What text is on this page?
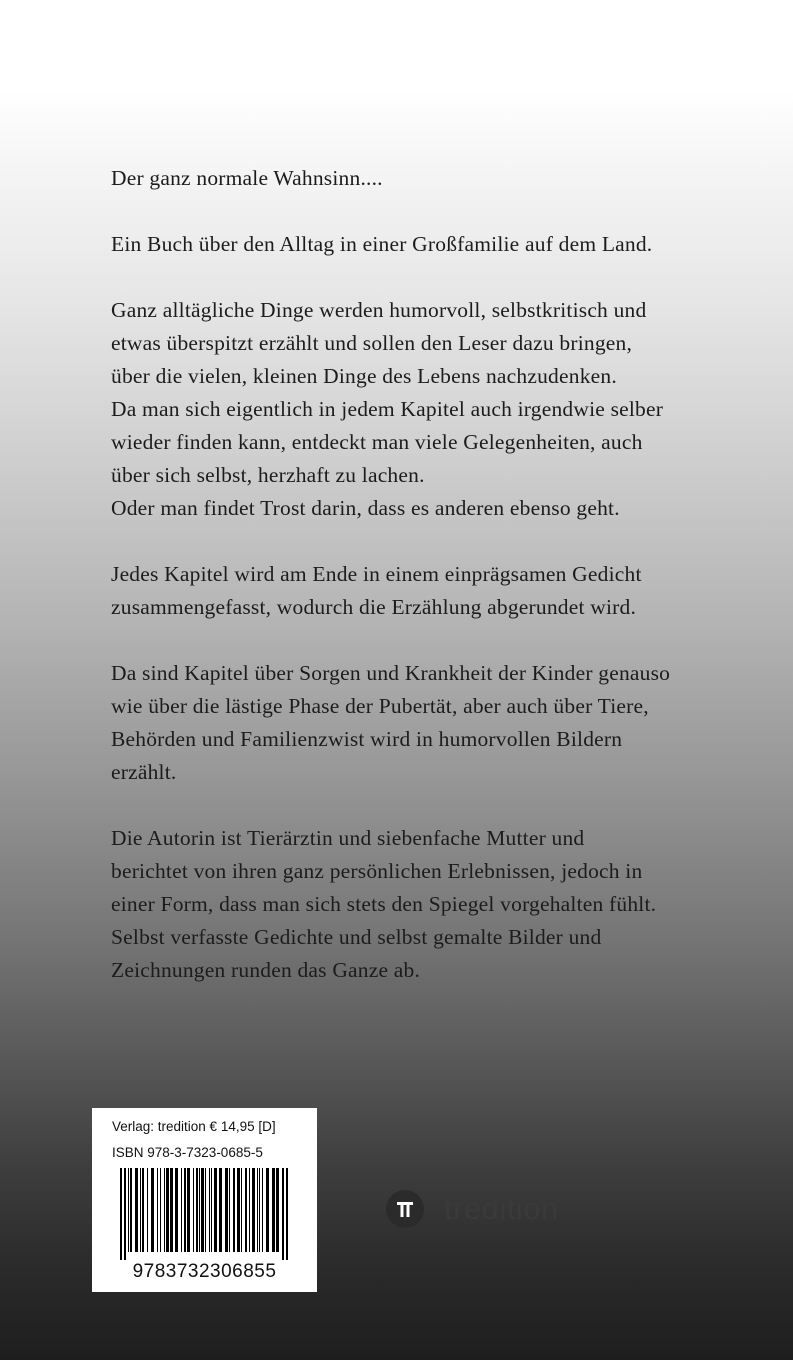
Der ganz normale Wahnsinn....

Ein Buch über den Alltag in einer Großfamilie auf dem Land.

Ganz alltägliche Dinge werden humorvoll, selbstkritisch und
etwas überspitzt erzählt und sollen den Leser dazu bringen,
über die vielen, kleinen Dinge des Lebens nachzudenken.
Da man sich eigentlich in jedem Kapitel auch irgendwie selber
wieder finden kann, entdeckt man viele Gelegenheiten, auch
über sich selbst, herzhaft zu lachen.
Oder man findet Trost darin, dass es anderen ebenso geht.

Jedes Kapitel wird am Ende in einem einprägsamen Gedicht
zusammengefasst, wodurch die Erzählung abgerundet wird.

Da sind Kapitel über Sorgen und Krankheit der Kinder genauso
wie über die lästige Phase der Pubertät, aber auch über Tiere,
Behörden und Familienzwist wird in humorvollen Bildern
erzählt.

Die Autorin ist Tierärztin und siebenfache Mutter und
berichtet von ihren ganz persönlichen Erlebnissen, jedoch in
einer Form, dass man sich stets den Spiegel vorgehalten fühlt.
Selbst verfasste Gedichte und selbst gemalte Bilder und
Zeichnungen runden das Ganze ab.

Verlag: tredition € 14,95 [D]
ISBN 978-3-7323-0685-5
9783732306855
tredition
